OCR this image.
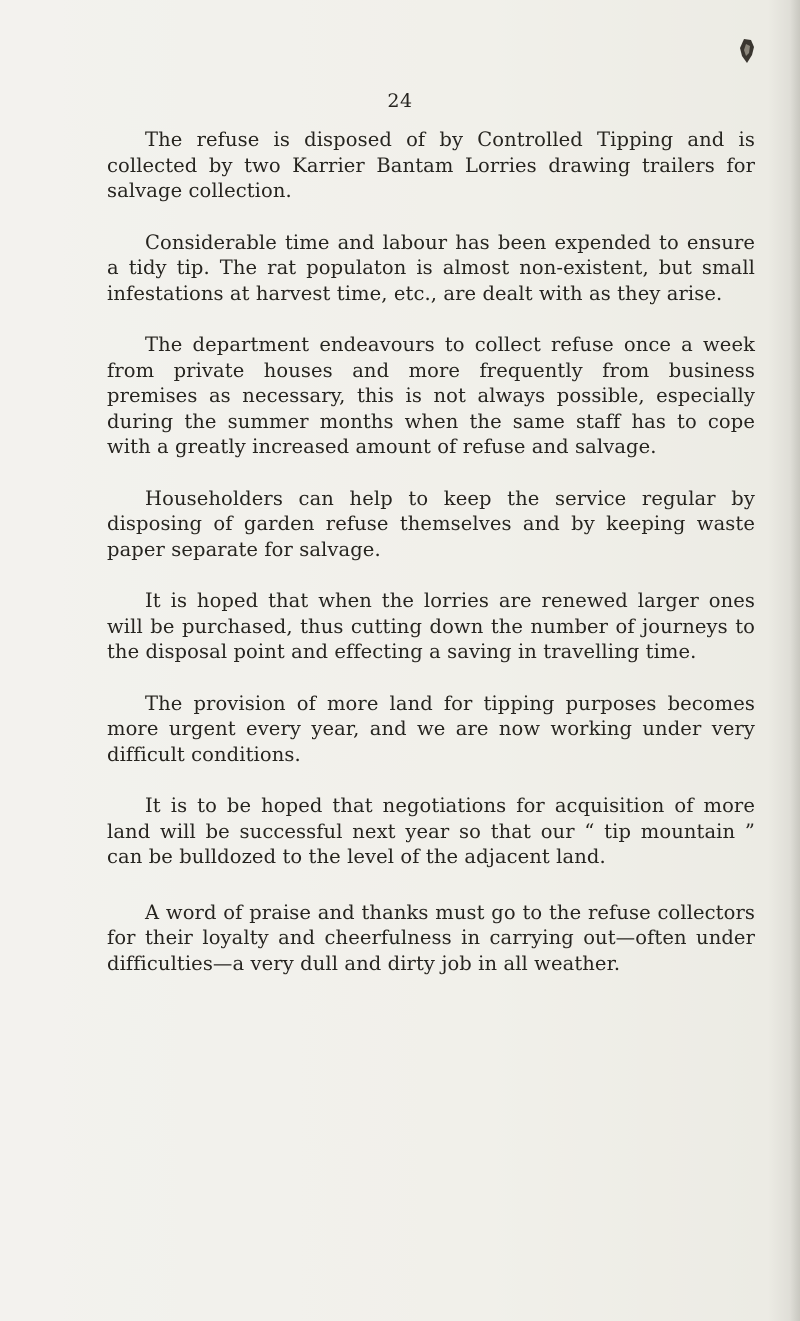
24

The refuse is disposed of by Controlled Tipping and is collected by two Karrier Bantam Lorries drawing trailers for salvage collection.

Considerable time and labour has been expended to ensure a tidy tip. The rat populaton is almost non-existent, but small infestations at harvest time, etc., are dealt with as they arise.

The department endeavours to collect refuse once a week from private houses and more frequently from business premises as necessary, this is not always possible, especially during the summer months when the same staff has to cope with a greatly increased amount of refuse and salvage.

Householders can help to keep the service regular by disposing of garden refuse themselves and by keeping waste paper separate for salvage.

It is hoped that when the lorries are renewed larger ones will be purchased, thus cutting down the number of journeys to the disposal point and effecting a saving in travelling time.

The provision of more land for tipping purposes becomes more urgent every year, and we are now working under very difficult conditions.

It is to be hoped that negotiations for acquisition of more land will be successful next year so that our “ tip mountain ” can be bulldozed to the level of the adjacent land.

A word of praise and thanks must go to the refuse collectors for their loyalty and cheerfulness in carrying out—often under difficulties—a very dull and dirty job in all weather.
